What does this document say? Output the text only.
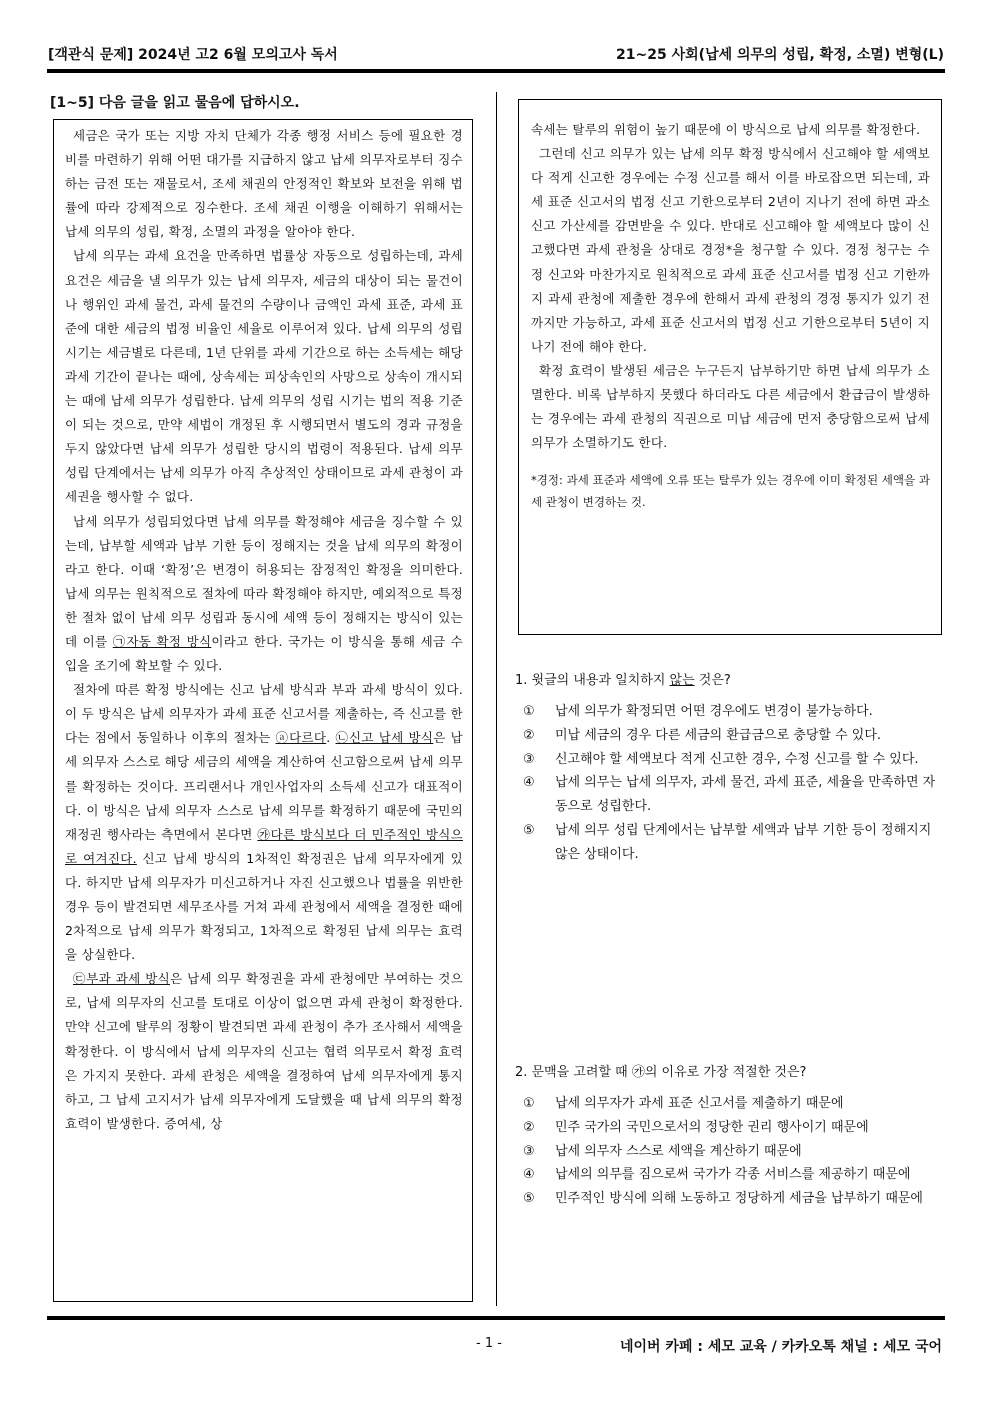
[객관식 문제] 2024년 고2 6월 모의고사 독서	21~25 사회(납세 의무의 성립, 확정, 소멸) 변형(L)
[1~5] 다음 글을 읽고 물음에 답하시오.

세금은 국가 또는 지방 자치 단체가 각종 행정 서비스 등에 필요한 경비를 마련하기 위해 어떤 대가를 지급하지 않고 납세 의무자로부터 징수하는 금전 또는 재물로서, 조세 채권의 안정적인 확보와 보전을 위해 법률에 따라 강제적으로 징수한다. 조세 채권 이행을 이해하기 위해서는 납세 의무의 성립, 확정, 소멸의 과정을 알아야 한다.

납세 의무는 과세 요건을 만족하면 법률상 자동으로 성립하는데, 과세 요건은 세금을 낼 의무가 있는 납세 의무자, 세금의 대상이 되는 물건이나 행위인 과세 물건, 과세 물건의 수량이나 금액인 과세 표준, 과세 표준에 대한 세금의 법정 비율인 세율로 이루어져 있다. 납세 의무의 성립 시기는 세금별로 다른데, 1년 단위를 과세 기간으로 하는 소득세는 해당 과세 기간이 끝나는 때에, 상속세는 피상속인의 사망으로 상속이 개시되는 때에 납세 의무가 성립한다. 납세 의무의 성립 시기는 법의 적용 기준이 되는 것으로, 만약 세법이 개정된 후 시행되면서 별도의 경과 규정을 두지 않았다면 납세 의무가 성립한 당시의 법령이 적용된다. 납세 의무 성립 단계에서는 납세 의무가 아직 추상적인 상태이므로 과세 관청이 과세권을 행사할 수 없다.

납세 의무가 성립되었다면 납세 의무를 확정해야 세금을 징수할 수 있는데, 납부할 세액과 납부 기한 등이 정해지는 것을 납세 의무의 확정이라고 한다. 이때 ‘확정’은 변경이 허용되는 잠정적인 확정을 의미한다. 납세 의무는 원칙적으로 절차에 따라 확정해야 하지만, 예외적으로 특정한 절차 없이 납세 의무 성립과 동시에 세액 등이 정해지는 방식이 있는데 이를 ㉠자동 확정 방식이라고 한다. 국가는 이 방식을 통해 세금 수입을 조기에 확보할 수 있다.

절차에 따른 확정 방식에는 신고 납세 방식과 부과 과세 방식이 있다. 이 두 방식은 납세 의무자가 과세 표준 신고서를 제출하는, 즉 신고를 한다는 점에서 동일하나 이후의 절차는 ⓐ다르다. ㉡신고 납세 방식은 납세 의무자 스스로 해당 세금의 세액을 계산하여 신고함으로써 납세 의무를 확정하는 것이다. 프리랜서나 개인사업자의 소득세 신고가 대표적이다. 이 방식은 납세 의무자 스스로 납세 의무를 확정하기 때문에 국민의 재정권 행사라는 측면에서 본다면 ㉮다른 방식보다 더 민주적인 방식으로 여겨진다. 신고 납세 방식의 1차적인 확정권은 납세 의무자에게 있다. 하지만 납세 의무자가 미신고하거나 자진 신고했으나 법률을 위반한 경우 등이 발견되면 세무조사를 거쳐 과세 관청에서 세액을 결정한 때에 2차적으로 납세 의무가 확정되고, 1차적으로 확정된 납세 의무는 효력을 상실한다.

㉢부과 과세 방식은 납세 의무 확정권을 과세 관청에만 부여하는 것으로, 납세 의무자의 신고를 토대로 이상이 없으면 과세 관청이 확정한다. 만약 신고에 탈루의 정황이 발견되면 과세 관청이 추가 조사해서 세액을 확정한다. 이 방식에서 납세 의무자의 신고는 협력 의무로서 확정 효력은 가지지 못한다. 과세 관청은 세액을 결정하여 납세 의무자에게 통지하고, 그 납세 고지서가 납세 의무자에게 도달했을 때 납세 의무의 확정 효력이 발생한다. 증여세, 상

속세는 탈루의 위험이 높기 때문에 이 방식으로 납세 의무를 확정한다.

그런데 신고 의무가 있는 납세 의무 확정 방식에서 신고해야 할 세액보다 적게 신고한 경우에는 수정 신고를 해서 이를 바로잡으면 되는데, 과세 표준 신고서의 법정 신고 기한으로부터 2년이 지나기 전에 하면 과소 신고 가산세를 감면받을 수 있다. 반대로 신고해야 할 세액보다 많이 신고했다면 과세 관청을 상대로 경정*을 청구할 수 있다. 경정 청구는 수정 신고와 마찬가지로 원칙적으로 과세 표준 신고서를 법정 신고 기한까지 과세 관청에 제출한 경우에 한해서 과세 관청의 경정 통지가 있기 전까지만 가능하고, 과세 표준 신고서의 법정 신고 기한으로부터 5년이 지나기 전에 해야 한다.

확정 효력이 발생된 세금은 누구든지 납부하기만 하면 납세 의무가 소멸한다. 비록 납부하지 못했다 하더라도 다른 세금에서 환급금이 발생하는 경우에는 과세 관청의 직권으로 미납 세금에 먼저 충당함으로써 납세 의무가 소멸하기도 한다.

*경정: 과세 표준과 세액에 오류 또는 탈루가 있는 경우에 이미 확정된 세액을 과세 관청이 변경하는 것.

1. 윗글의 내용과 일치하지 않는 것은?

①	납세 의무가 확정되면 어떤 경우에도 변경이 불가능하다.
②	미납 세금의 경우 다른 세금의 환급금으로 충당할 수 있다.
③	신고해야 할 세액보다 적게 신고한 경우, 수정 신고를 할 수 있다.
④	납세 의무는 납세 의무자, 과세 물건, 과세 표준, 세율을 만족하면 자동으로 성립한다.
⑤	납세 의무 성립 단계에서는 납부할 세액과 납부 기한 등이 정해지지 않은 상태이다.

2. 문맥을 고려할 때 ㉮의 이유로 가장 적절한 것은?

①	납세 의무자가 과세 표준 신고서를 제출하기 때문에
②	민주 국가의 국민으로서의 정당한 권리 행사이기 때문에
③	납세 의무자 스스로 세액을 계산하기 때문에
④	납세의 의무를 짐으로써 국가가 각종 서비스를 제공하기 때문에
⑤	민주적인 방식에 의해 노동하고 정당하게 세금을 납부하기 때문에
- 1 -	네이버 카페 : 세모 교육 / 카카오톡 채널 : 세모 국어
